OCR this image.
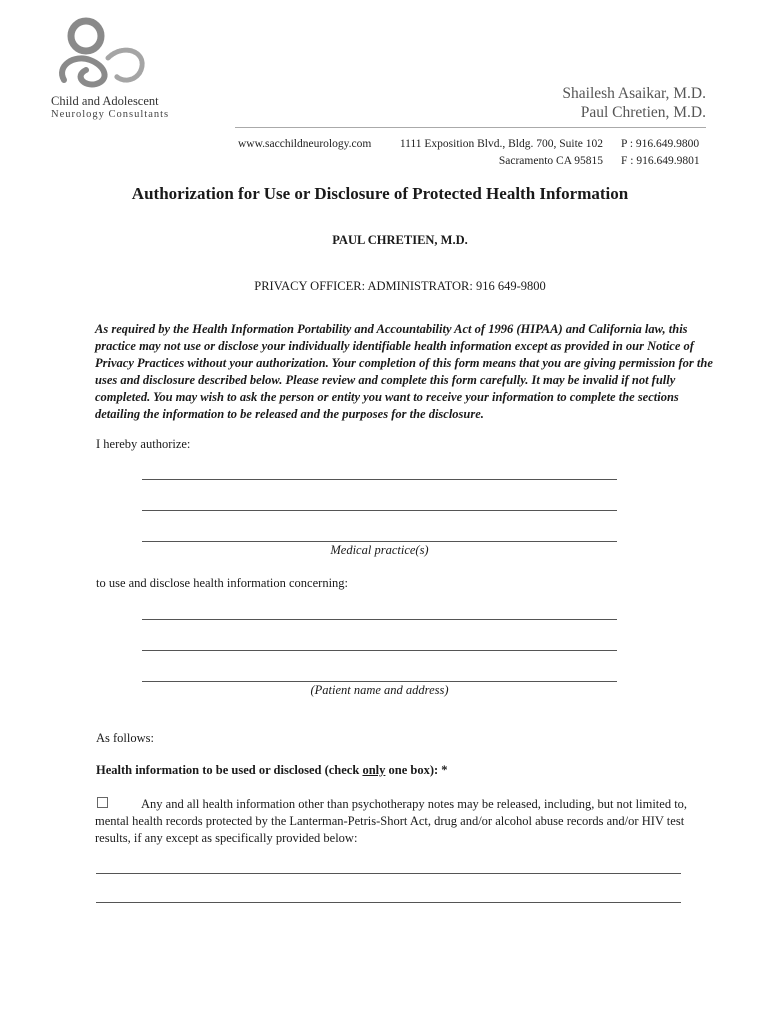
Child and Adolescent
Neurology Consultants
Shailesh Asaikar, M.D.
Paul Chretien, M.D.
www.sacchildneurology.com	1111 Exposition Blvd., Bldg. 700, Suite 102
Sacramento CA 95815
P : 916.649.9800
F : 916.649.9801
Authorization for Use or Disclosure of Protected Health Information
PAUL CHRETIEN, M.D.
PRIVACY OFFICER: ADMINISTRATOR: 916 649-9800
As required by the Health Information Portability and Accountability Act of 1996 (HIPAA) and California law, this practice may not use or disclose your individually identifiable health information except as provided in our Notice of Privacy Practices without your authorization. Your completion of this form means that you are giving permission for the uses and disclosure described below. Please review and complete this form carefully. It may be invalid if not fully completed. You may wish to ask the person or entity you want to receive your information to complete the sections detailing the information to be released and the purposes for the disclosure.
I hereby authorize:
Medical practice(s)
to use and disclose health information concerning:
(Patient name and address)
As follows:
Health information to be used or disclosed (check only one box): *
Any and all health information other than psychotherapy notes may be released, including, but not limited to, mental health records protected by the Lanterman-Petris-Short Act, drug and/or alcohol abuse records and/or HIV test results, if any except as specifically provided below:
